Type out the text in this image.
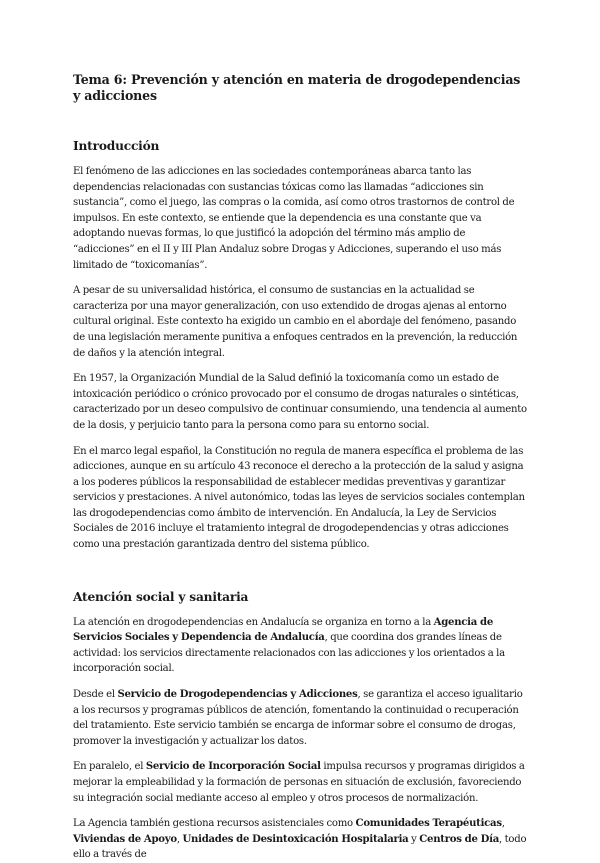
Tema 6: Prevención y atención en materia de drogodependencias y adicciones
Introducción

El fenómeno de las adicciones en las sociedades contemporáneas abarca tanto las dependencias relacionadas con sustancias tóxicas como las llamadas “adicciones sin sustancia”, como el juego, las compras o la comida, así como otros trastornos de control de impulsos. En este contexto, se entiende que la dependencia es una constante que va adoptando nuevas formas, lo que justificó la adopción del término más amplio de “adicciones” en el II y III Plan Andaluz sobre Drogas y Adicciones, superando el uso más limitado de “toxicomanías”.

A pesar de su universalidad histórica, el consumo de sustancias en la actualidad se caracteriza por una mayor generalización, con uso extendido de drogas ajenas al entorno cultural original. Este contexto ha exigido un cambio en el abordaje del fenómeno, pasando de una legislación meramente punitiva a enfoques centrados en la prevención, la reducción de daños y la atención integral.

En 1957, la Organización Mundial de la Salud definió la toxicomanía como un estado de intoxicación periódico o crónico provocado por el consumo de drogas naturales o sintéticas, caracterizado por un deseo compulsivo de continuar consumiendo, una tendencia al aumento de la dosis, y perjuicio tanto para la persona como para su entorno social.

En el marco legal español, la Constitución no regula de manera específica el problema de las adicciones, aunque en su artículo 43 reconoce el derecho a la protección de la salud y asigna a los poderes públicos la responsabilidad de establecer medidas preventivas y garantizar servicios y prestaciones. A nivel autonómico, todas las leyes de servicios sociales contemplan las drogodependencias como ámbito de intervención. En Andalucía, la Ley de Servicios Sociales de 2016 incluye el tratamiento integral de drogodependencias y otras adicciones como una prestación garantizada dentro del sistema público.

Atención social y sanitaria

La atención en drogodependencias en Andalucía se organiza en torno a la Agencia de Servicios Sociales y Dependencia de Andalucía, que coordina dos grandes líneas de actividad: los servicios directamente relacionados con las adicciones y los orientados a la incorporación social.

Desde el Servicio de Drogodependencias y Adicciones, se garantiza el acceso igualitario a los recursos y programas públicos de atención, fomentando la continuidad o recuperación del tratamiento. Este servicio también se encarga de informar sobre el consumo de drogas, promover la investigación y actualizar los datos.

En paralelo, el Servicio de Incorporación Social impulsa recursos y programas dirigidos a mejorar la empleabilidad y la formación de personas en situación de exclusión, favoreciendo su integración social mediante acceso al empleo y otros procesos de normalización.

La Agencia también gestiona recursos asistenciales como Comunidades Terapéuticas, Viviendas de Apoyo, Unidades de Desintoxicación Hospitalaria y Centros de Día, todo ello a través de
